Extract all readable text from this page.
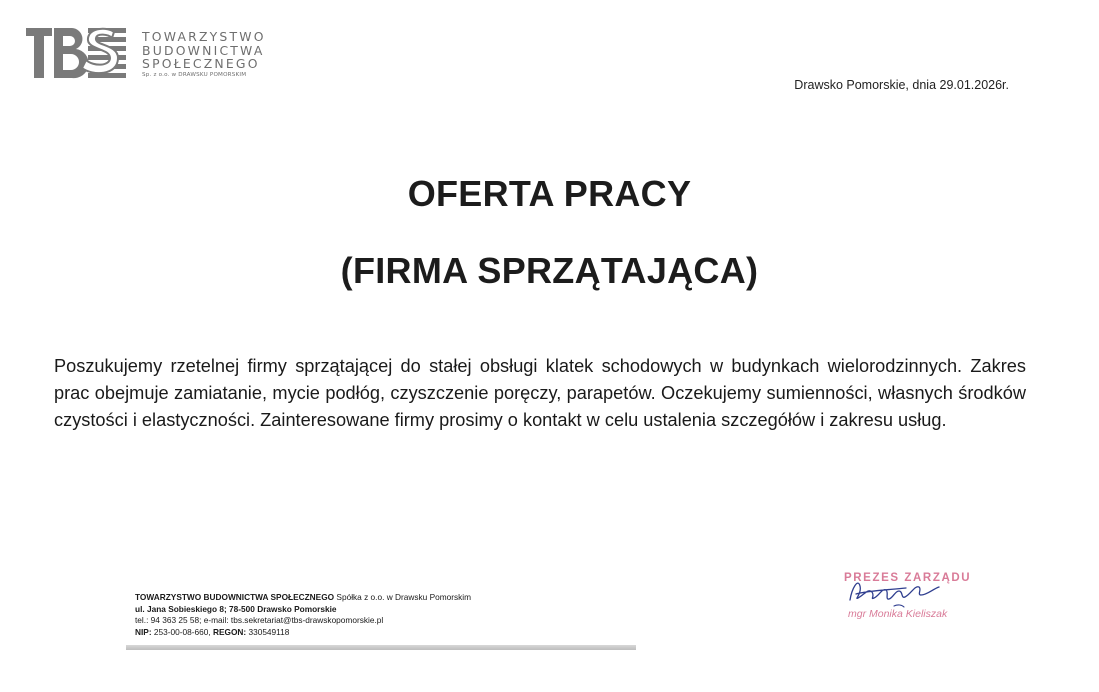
TOWARZYSTWO
BUDOWNICTWA
SPOŁECZNEGO
Sp. z o.o. w DRAWSKU POMORSKIM
Drawsko Pomorskie, dnia 29.01.2026r.
OFERTA PRACY
(FIRMA SPRZĄTAJĄCA)
Poszukujemy rzetelnej firmy sprzątającej do stałej obsługi klatek schodowych w budynkach wielorodzinnych. Zakres prac obejmuje zamiatanie, mycie podłóg, czyszczenie poręczy, parapetów. Oczekujemy sumienności, własnych środków czystości i elastyczności. Zainteresowane firmy prosimy o kontakt w celu ustalenia szczegółów i zakresu usług.
TOWARZYSTWO BUDOWNICTWA SPOŁECZNEGO Spółka z o.o. w Drawsku Pomorskim
ul. Jana Sobieskiego 8; 78-500 Drawsko Pomorskie
tel.: 94 363 25 58; e-mail: tbs.sekretariat@tbs-drawskopomorskie.pl
NIP: 253-00-08-660, REGON: 330549118
PREZES ZARZĄDU
mgr Monika Kieliszak
